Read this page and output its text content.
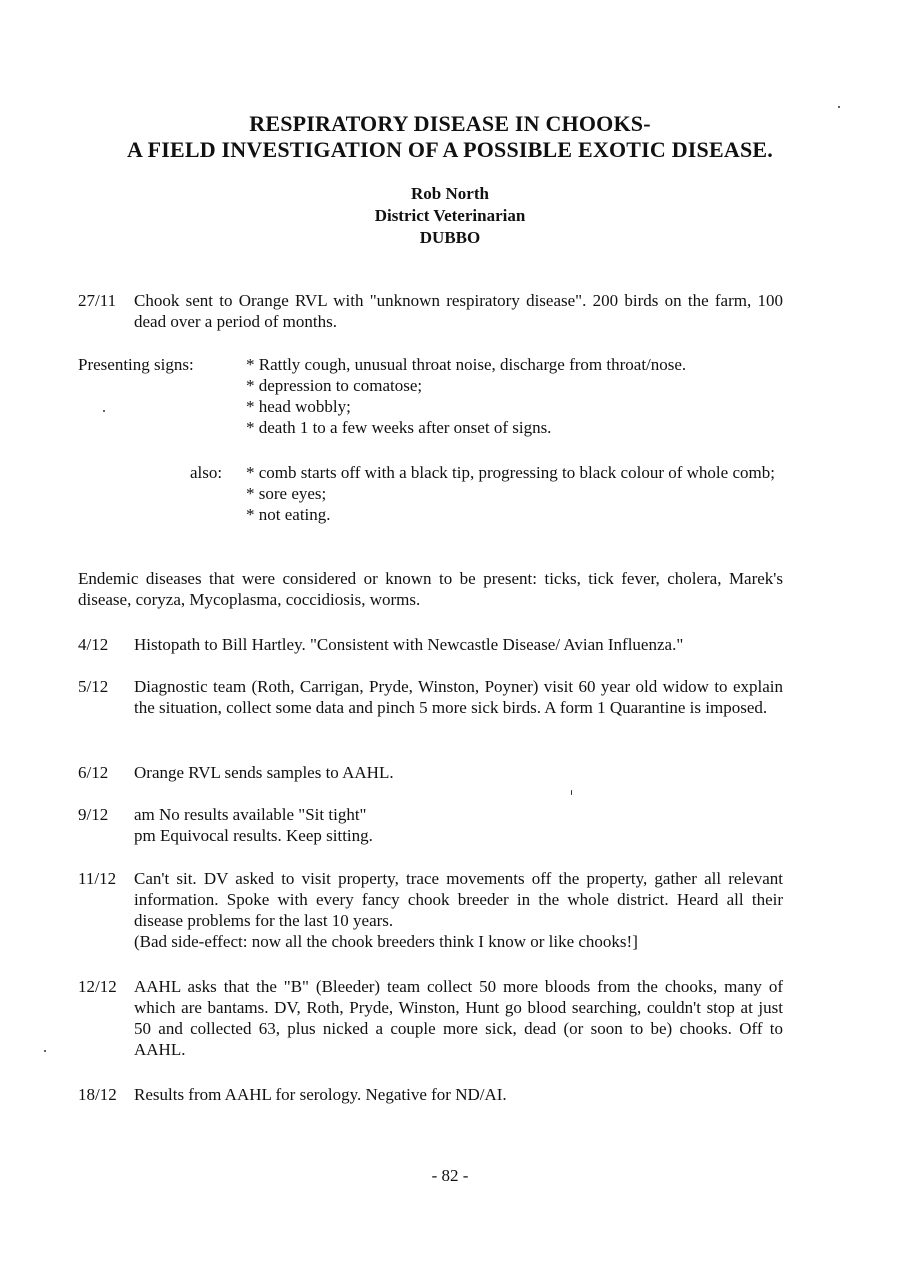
RESPIRATORY DISEASE IN CHOOKS-
A FIELD INVESTIGATION OF A POSSIBLE EXOTIC DISEASE.
Rob North
District Veterinarian
DUBBO
27/11 Chook sent to Orange RVL with "unknown respiratory disease". 200 birds on the farm, 100 dead over a period of months.
Presenting signs:	* Rattly cough, unusual throat noise, discharge from throat/nose.
* depression to comatose;
* head wobbly;
* death 1 to a few weeks after onset of signs.
also: * comb starts off with a black tip, progressing to black colour of whole comb;
* sore eyes;
* not eating.
Endemic diseases that were considered or known to be present: ticks, tick fever, cholera, Marek's disease, coryza, Mycoplasma, coccidiosis, worms.
4/12 Histopath to Bill Hartley. "Consistent with Newcastle Disease/ Avian Influenza."
5/12 Diagnostic team (Roth, Carrigan, Pryde, Winston, Poyner) visit 60 year old widow to explain the situation, collect some data and pinch 5 more sick birds. A form 1 Quarantine is imposed.
6/12 Orange RVL sends samples to AAHL.
9/12 am No results available "Sit tight"
pm Equivocal results. Keep sitting.
11/12 Can't sit. DV asked to visit property, trace movements off the property, gather all relevant information. Spoke with every fancy chook breeder in the whole district. Heard all their disease problems for the last 10 years.
(Bad side-effect: now all the chook breeders think I know or like chooks!]
12/12 AAHL asks that the "B" (Bleeder) team collect 50 more bloods from the chooks, many of which are bantams. DV, Roth, Pryde, Winston, Hunt go blood searching, couldn't stop at just 50 and collected 63, plus nicked a couple more sick, dead (or soon to be) chooks. Off to AAHL.
18/12 Results from AAHL for serology. Negative for ND/AI.
- 82 -
